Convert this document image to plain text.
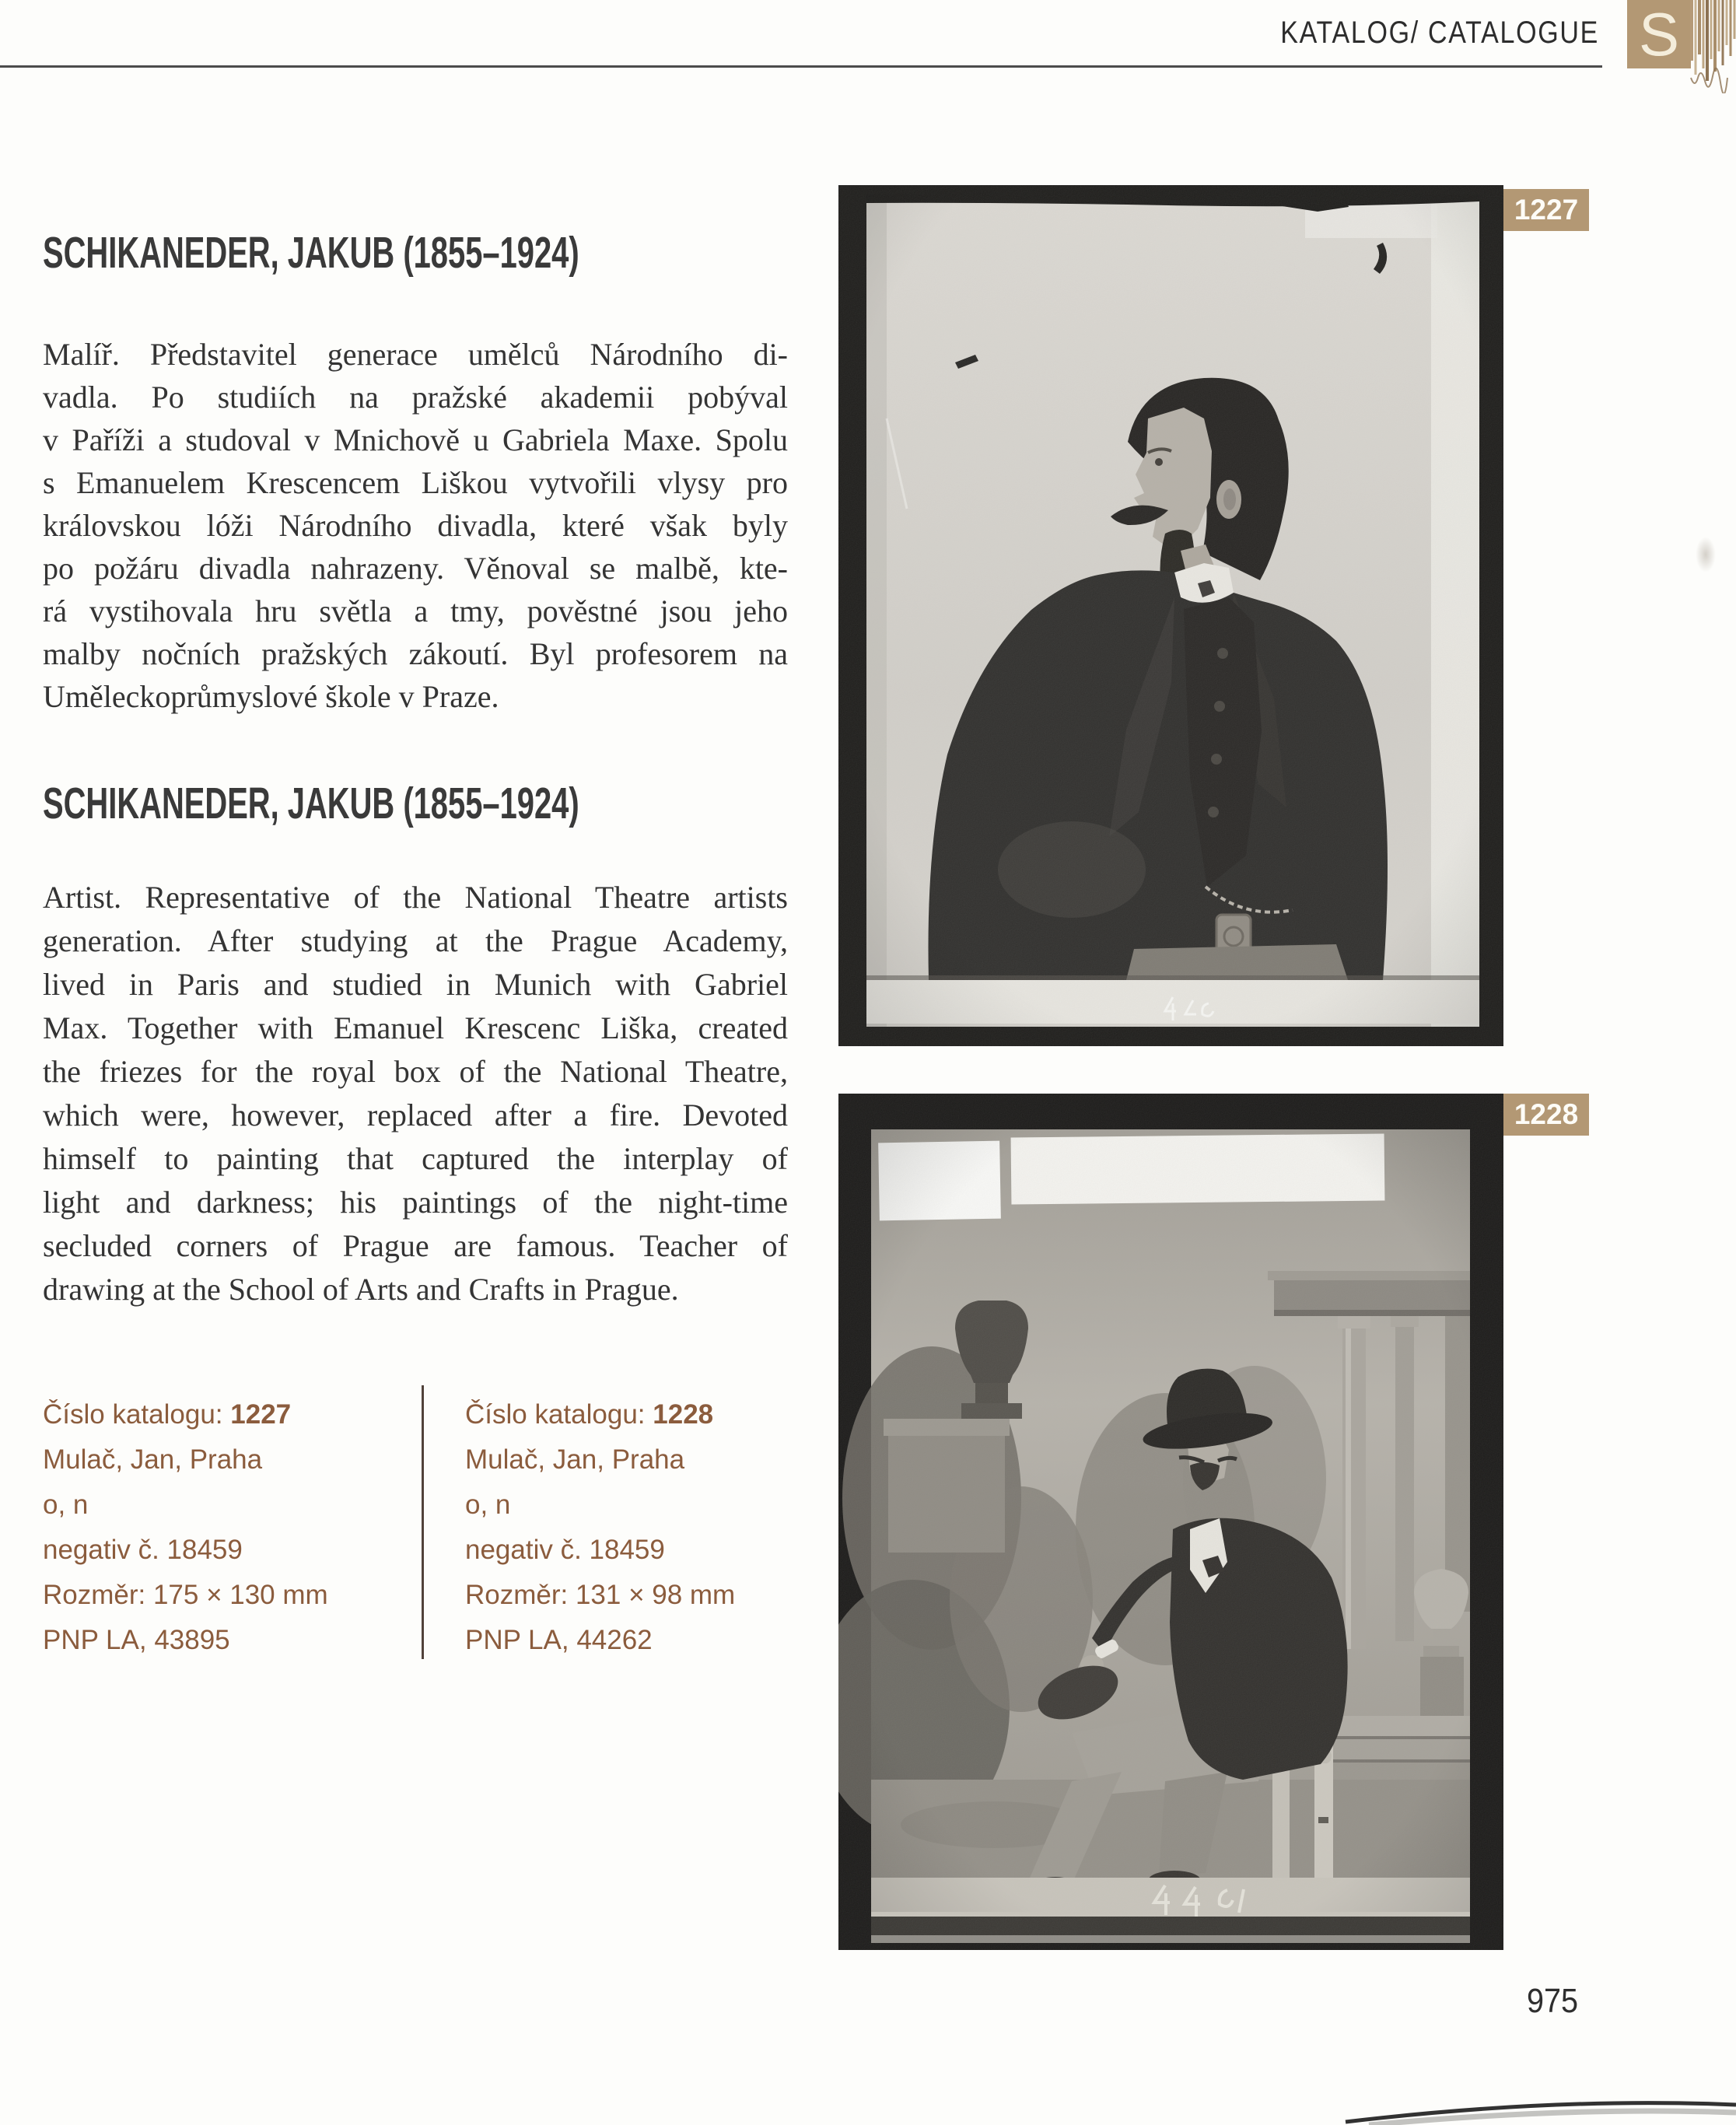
KATALOG/ CATALOGUE S
SCHIKANEDER, JAKUB (1855–1924)
Malíř. Představitel generace umělců Národního di-
vadla. Po studiích na pražské akademii pobýval
v Paříži a studoval v Mnichově u Gabriela Maxe. Spolu
s Emanuelem Krescencem Liškou vytvořili vlysy pro
královskou lóži Národního divadla, které však byly
po požáru divadla nahrazeny. Věnoval se malbě, kte-
rá vystihovala hru světla a tmy, pověstné jsou jeho
malby nočních pražských zákoutí. Byl profesorem na
Uměleckoprůmyslové škole v Praze.
SCHIKANEDER, JAKUB (1855–1924)
Artist. Representative of the National Theatre artists
generation. After studying at the Prague Academy,
lived in Paris and studied in Munich with Gabriel
Max. Together with Emanuel Krescenc Liška, created
the friezes for the royal box of the National Theatre,
which were, however, replaced after a fire. Devoted
himself to painting that captured the interplay of
light and darkness; his paintings of the night-time
secluded corners of Prague are famous. Teacher of
drawing at the School of Arts and Crafts in Prague.
Číslo katalogu: 1227
Mulač, Jan, Praha
o, n
negativ č. 18459
Rozměr: 175 × 130 mm
PNP LA, 43895
Číslo katalogu: 1228
Mulač, Jan, Praha
o, n
negativ č. 18459
Rozměr: 131 × 98 mm
PNP LA, 44262
1227
1228
975
